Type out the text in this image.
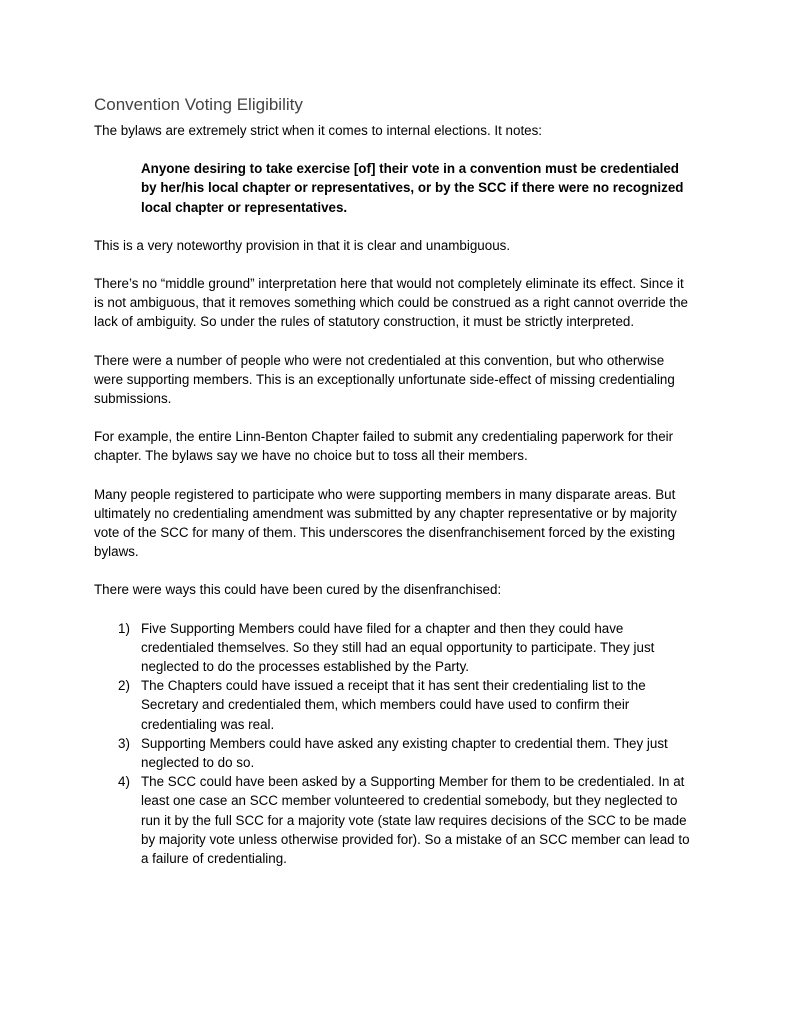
Convention Voting Eligibility

The bylaws are extremely strict when it comes to internal elections. It notes:

Anyone desiring to take exercise [of] their vote in a convention must be credentialed by her/his local chapter or representatives, or by the SCC if there were no recognized local chapter or representatives.

This is a very noteworthy provision in that it is clear and unambiguous.

There’s no “middle ground” interpretation here that would not completely eliminate its effect. Since it is not ambiguous, that it removes something which could be construed as a right cannot override the lack of ambiguity. So under the rules of statutory construction, it must be strictly interpreted.

There were a number of people who were not credentialed at this convention, but who otherwise were supporting members. This is an exceptionally unfortunate side-effect of missing credentialing submissions.

For example, the entire Linn-Benton Chapter failed to submit any credentialing paperwork for their chapter. The bylaws say we have no choice but to toss all their members.

Many people registered to participate who were supporting members in many disparate areas. But ultimately no credentialing amendment was submitted by any chapter representative or by majority vote of the SCC for many of them. This underscores the disenfranchisement forced by the existing bylaws.

There were ways this could have been cured by the disenfranchised:

1) Five Supporting Members could have filed for a chapter and then they could have credentialed themselves. So they still had an equal opportunity to participate. They just neglected to do the processes established by the Party.
2) The Chapters could have issued a receipt that it has sent their credentialing list to the Secretary and credentialed them, which members could have used to confirm their credentialing was real.
3) Supporting Members could have asked any existing chapter to credential them. They just neglected to do so.
4) The SCC could have been asked by a Supporting Member for them to be credentialed. In at least one case an SCC member volunteered to credential somebody, but they neglected to run it by the full SCC for a majority vote (state law requires decisions of the SCC to be made by majority vote unless otherwise provided for). So a mistake of an SCC member can lead to a failure of credentialing.
